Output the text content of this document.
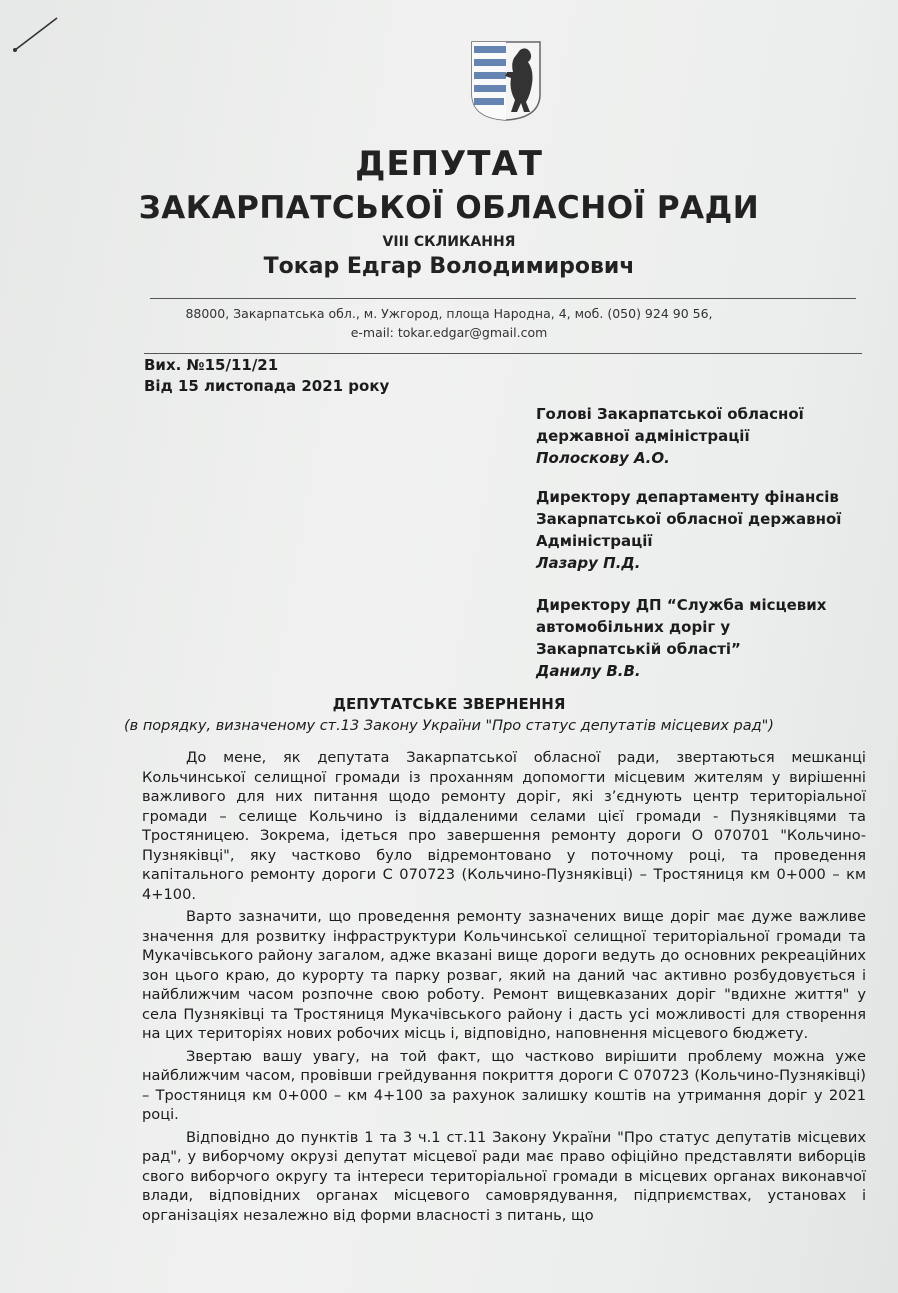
ДЕПУТАТ
ЗАКАРПАТСЬКОЇ ОБЛАСНОЇ РАДИ
VIII СКЛИКАННЯ
Токар Едгар Володимирович
88000, Закарпатська обл., м. Ужгород, площа Народна, 4, моб. (050) 924 90 56,
e-mail: tokar.edgar@gmail.com
Вих. №15/11/21
Від 15 листопада 2021 року
Голові Закарпатської обласної
державної адміністрації
Полоскову А.О.
Директору департаменту фінансів
Закарпатської обласної державної
Адміністрації
Лазару П.Д.
Директору ДП “Служба місцевих
автомобільних доріг у
Закарпатській області”
Данилу В.В.
ДЕПУТАТСЬКЕ ЗВЕРНЕННЯ
(в порядку, визначеному ст.13 Закону України "Про статус депутатів місцевих рад")

До мене, як депутата Закарпатської обласної ради, звертаються мешканці Кольчинської селищної громади із проханням допомогти місцевим жителям у вирішенні важливого для них питання щодо ремонту доріг, які з’єднують центр територіальної громади – селище Кольчино із віддаленими селами цієї громади - Пузняківцями та Тростяницею. Зокрема, ідеться про завершення ремонту дороги О 070701 "Кольчино-Пузняківці", яку частково було відремонтовано у поточному році, та проведення капітального ремонту дороги С 070723 (Кольчино-Пузняківці) – Тростяниця км 0+000 – км 4+100.

Варто зазначити, що проведення ремонту зазначених вище доріг має дуже важливе значення для розвитку інфраструктури Кольчинської селищної територіальної громади та Мукачівського району загалом, адже вказані вище дороги ведуть до основних рекреаційних зон цього краю, до курорту та парку розваг, який на даний час активно розбудовується і найближчим часом розпочне свою роботу. Ремонт вищевказаних доріг "вдихне життя" у села Пузняківці та Тростяниця Мукачівського району і дасть усі можливості для створення на цих територіях нових робочих місць і, відповідно, наповнення місцевого бюджету.

Звертаю вашу увагу, на той факт, що частково вирішити проблему можна уже найближчим часом, провівши грейдування покриття дороги С 070723 (Кольчино-Пузняківці) – Тростяниця км 0+000 – км 4+100 за рахунок залишку коштів на утримання доріг у 2021 році.

Відповідно до пунктів 1 та 3 ч.1 ст.11 Закону України "Про статус депутатів місцевих рад", у виборчому окрузі депутат місцевої ради має право офіційно представляти виборців свого виборчого округу та інтереси територіальної громади в місцевих органах виконавчої влади, відповідних органах місцевого самоврядування, підприємствах, установах і організаціях незалежно від форми власності з питань, що
